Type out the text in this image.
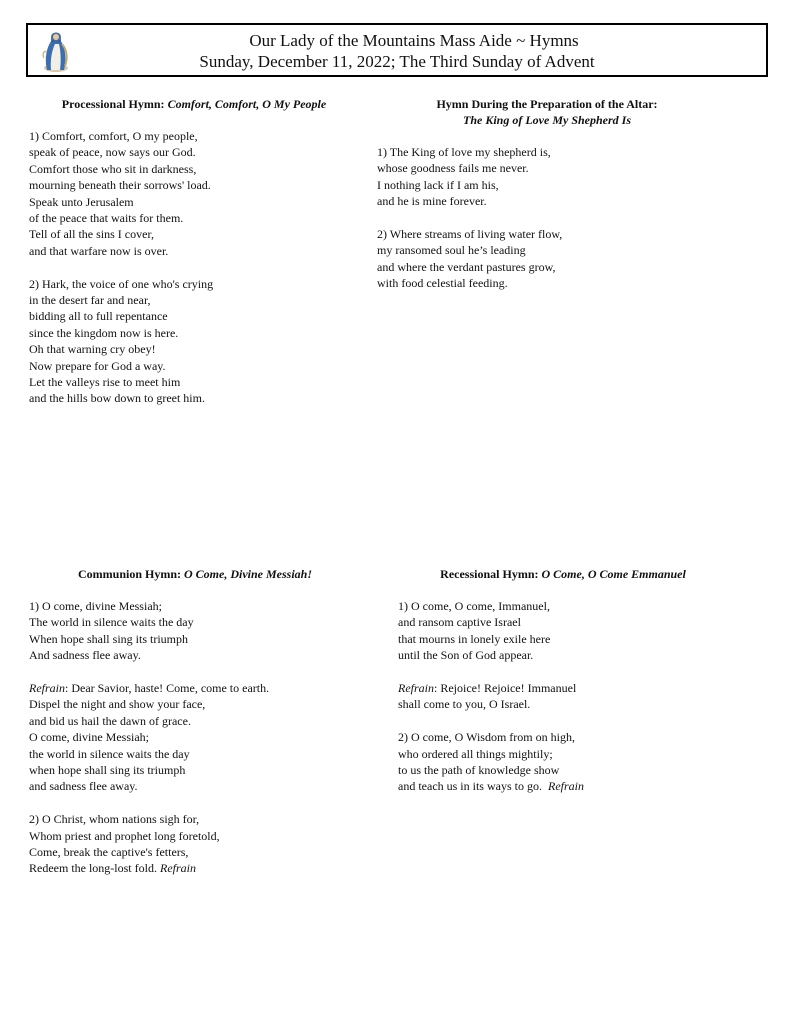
Our Lady of the Mountains Mass Aide ~ Hymns
Sunday, December 11, 2022; The Third Sunday of Advent
Processional Hymn: Comfort, Comfort, O My People
1) Comfort, comfort, O my people,
speak of peace, now says our God.
Comfort those who sit in darkness,
mourning beneath their sorrows' load.
Speak unto Jerusalem
of the peace that waits for them.
Tell of all the sins I cover,
and that warfare now is over.
2) Hark, the voice of one who's crying
in the desert far and near,
bidding all to full repentance
since the kingdom now is here.
Oh that warning cry obey!
Now prepare for God a way.
Let the valleys rise to meet him
and the hills bow down to greet him.
Hymn During the Preparation of the Altar:
The King of Love My Shepherd Is
1) The King of love my shepherd is,
whose goodness fails me never.
I nothing lack if I am his,
and he is mine forever.
2) Where streams of living water flow,
my ransomed soul he’s leading
and where the verdant pastures grow,
with food celestial feeding.
Communion Hymn: O Come, Divine Messiah!
1) O come, divine Messiah;
The world in silence waits the day
When hope shall sing its triumph
And sadness flee away.
Refrain: Dear Savior, haste! Come, come to earth.
Dispel the night and show your face,
and bid us hail the dawn of grace.
O come, divine Messiah;
the world in silence waits the day
when hope shall sing its triumph
and sadness flee away.
2) O Christ, whom nations sigh for,
Whom priest and prophet long foretold,
Come, break the captive's fetters,
Redeem the long-lost fold. Refrain
Recessional Hymn: O Come, O Come Emmanuel
1) O come, O come, Immanuel,
and ransom captive Israel
that mourns in lonely exile here
until the Son of God appear.
Refrain: Rejoice! Rejoice! Immanuel
shall come to you, O Israel.
2) O come, O Wisdom from on high,
who ordered all things mightily;
to us the path of knowledge show
and teach us in its ways to go.  Refrain
